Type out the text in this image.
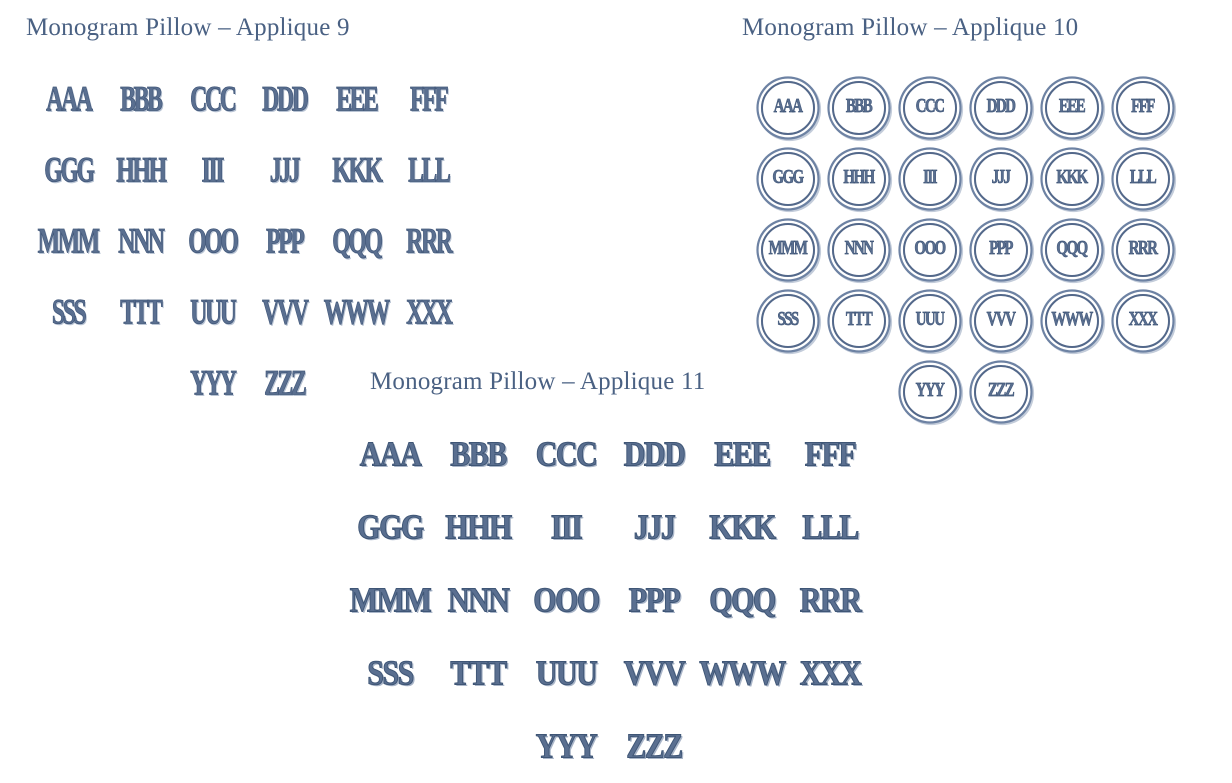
Monogram Pillow – Applique 9
AAA BBB CCC DDD EEE FFF
GGG HHH III JJJ KKK LLL
MMM NNN OOO PPP QQQ RRR
SSS TTT UUU VVV WWW XXX
YYY ZZZ
Monogram Pillow – Applique 10
AAA	BBB	CCC	DDD	EEE	FFF
GGG	HHH	III	JJJ	KKK	LLL
MMM	NNN	OOO	PPP	QQQ	RRR
SSS	TTT	UUU	VVV WWW XXX
YYY	ZZZ
Monogram Pillow – Applique 11
AAA BBB CCC DDD EEE FFF
GGG HHH III JJJ KKK LLL
MMM NNN OOO PPP QQQ RRR
SSS TTT UUU VVV WWW XXX
YYY ZZZ
